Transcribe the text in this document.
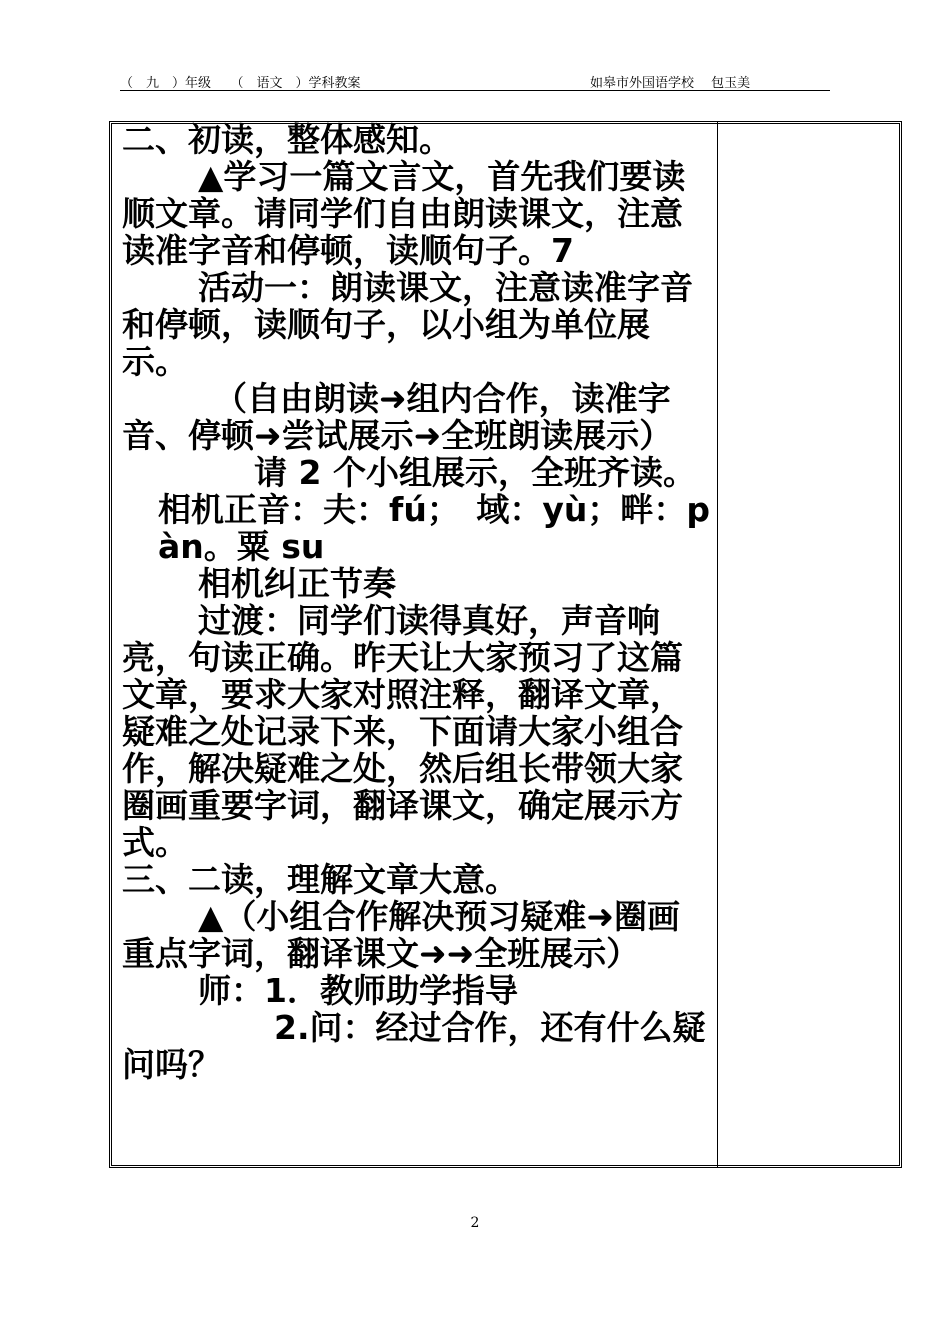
（　九　）年级　　（　语文　）学科教案	如皋市外国语学校　 包玉美

二、初读，整体感知。

▲学习一篇文言文，首先我们要读顺文章。请同学们自由朗读课文，注意读准字音和停顿，读顺句子。7

活动一：朗读课文，注意读准字音和停顿，读顺句子，以小组为单位展示。

（自由朗读➜组内合作，读准字音、停顿➜尝试展示➜全班朗读展示）

请 2 个小组展示，全班齐读。

相机正音：夫：fú；　域：yù；畔：pàn。粟 su

相机纠正节奏

过渡：同学们读得真好，声音响亮，句读正确。昨天让大家预习了这篇文章，要求大家对照注释，翻译文章，疑难之处记录下来，下面请大家小组合作，解决疑难之处，然后组长带领大家圈画重要字词，翻译课文，确定展示方式。

三、二读，理解文章大意。

▲（小组合作解决预习疑难➜圈画重点字词，翻译课文➜➜全班展示）

师：1．教师助学指导

2.问：经过合作，还有什么疑问吗？

2
